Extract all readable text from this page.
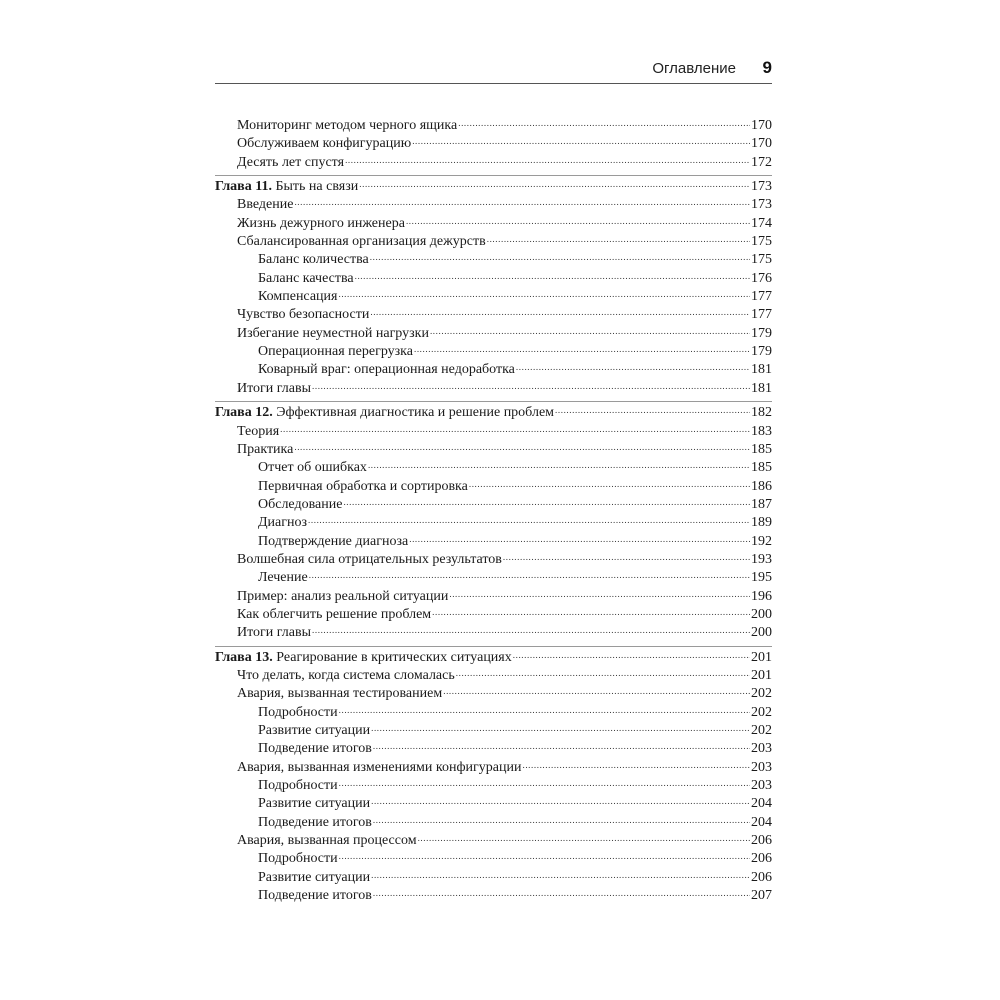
Оглавление 9
Мониторинг методом черного ящика .....	170
Обслуживаем конфигурацию .....	170
Десять лет спустя .....	172
Глава 11. Быть на связи .....	173
Введение .....	173
Жизнь дежурного инженера .....	174
Сбалансированная организация дежурств .....	175
Баланс количества .....	175
Баланс качества .....	176
Компенсация .....	177
Чувство безопасности .....	177
Избегание неуместной нагрузки .....	179
Операционная перегрузка .....	179
Коварный враг: операционная недоработка .....	181
Итоги главы .....	181
Глава 12. Эффективная диагностика и решение проблем .....	182
Теория .....	183
Практика .....	185
Отчет об ошибках .....	185
Первичная обработка и сортировка .....	186
Обследование .....	187
Диагноз .....	189
Подтверждение диагноза .....	192
Волшебная сила отрицательных результатов .....	193
Лечение .....	195
Пример: анализ реальной ситуации .....	196
Как облегчить решение проблем .....	200
Итоги главы .....	200
Глава 13. Реагирование в критических ситуациях .....	201
Что делать, когда система сломалась .....	201
Авария, вызванная тестированием .....	202
Подробности .....	202
Развитие ситуации .....	202
Подведение итогов .....	203
Авария, вызванная изменениями конфигурации .....	203
Подробности .....	203
Развитие ситуации .....	204
Подведение итогов .....	204
Авария, вызванная процессом .....	206
Подробности .....	206
Развитие ситуации .....	206
Подведение итогов .....	207
